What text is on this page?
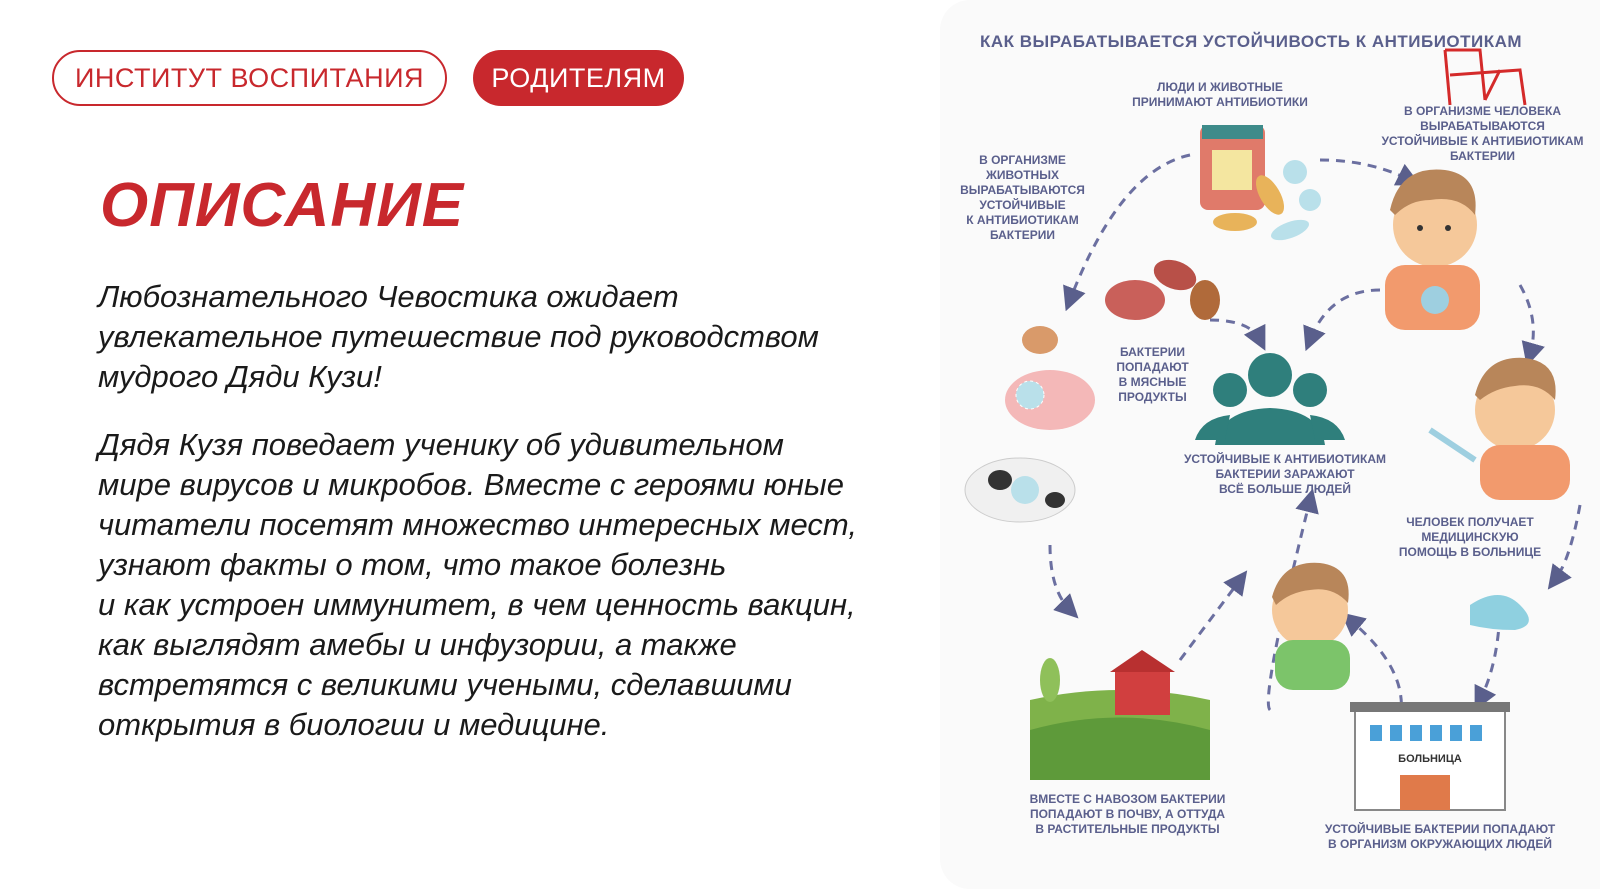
ИНСТИТУТ ВОСПИТАНИЯ	РОДИТЕЛЯМ
ОПИСАНИЕ

Любознательного Чевостика ожидает
увлекательное путешествие под руководством
мудрого Дяди Кузи!

Дядя Кузя поведает ученику об удивительном
мире вирусов и микробов. Вместе с героями юные
читатели посетят множество интересных мест,
узнают факты о том, что такое болезнь
и как устроен иммунитет, в чем ценность вакцин,
как выглядят амебы и инфузории, а также
встретятся с великими учеными, сделавшими
открытия в биологии и медицине.

КАК ВЫРАБАТЫВАЕТСЯ УСТОЙЧИВОСТЬ К АНТИБИОТИКАМ
ЛЮДИ И ЖИВОТНЫЕ
ПРИНИМАЮТ АНТИБИОТИКИ
В ОРГАНИЗМЕ ЧЕЛОВЕКА
ВЫРАБАТЫВАЮТСЯ
УСТОЙЧИВЫЕ К АНТИБИОТИКАМ
БАКТЕРИИ
В ОРГАНИЗМЕ
ЖИВОТНЫХ
ВЫРАБАТЫВАЮТСЯ
УСТОЙЧИВЫЕ
К АНТИБИОТИКАМ
БАКТЕРИИ
БАКТЕРИИ
ПОПАДАЮТ
В МЯСНЫЕ
ПРОДУКТЫ
УСТОЙЧИВЫЕ К АНТИБИОТИКАМ
БАКТЕРИИ ЗАРАЖАЮТ
ВСЁ БОЛЬШЕ ЛЮДЕЙ
ЧЕЛОВЕК ПОЛУЧАЕТ
МЕДИЦИНСКУЮ
ПОМОЩЬ В БОЛЬНИЦЕ
ВМЕСТЕ С НАВОЗОМ БАКТЕРИИ
ПОПАДАЮТ В ПОЧВУ, А ОТТУДА
В РАСТИТЕЛЬНЫЕ ПРОДУКТЫ	УСТОЙЧИВЫЕ БАКТЕРИИ ПОПАДАЮТ
В ОРГАНИЗМ ОКРУЖАЮЩИХ ЛЮДЕЙ
БОЛЬНИЦА
